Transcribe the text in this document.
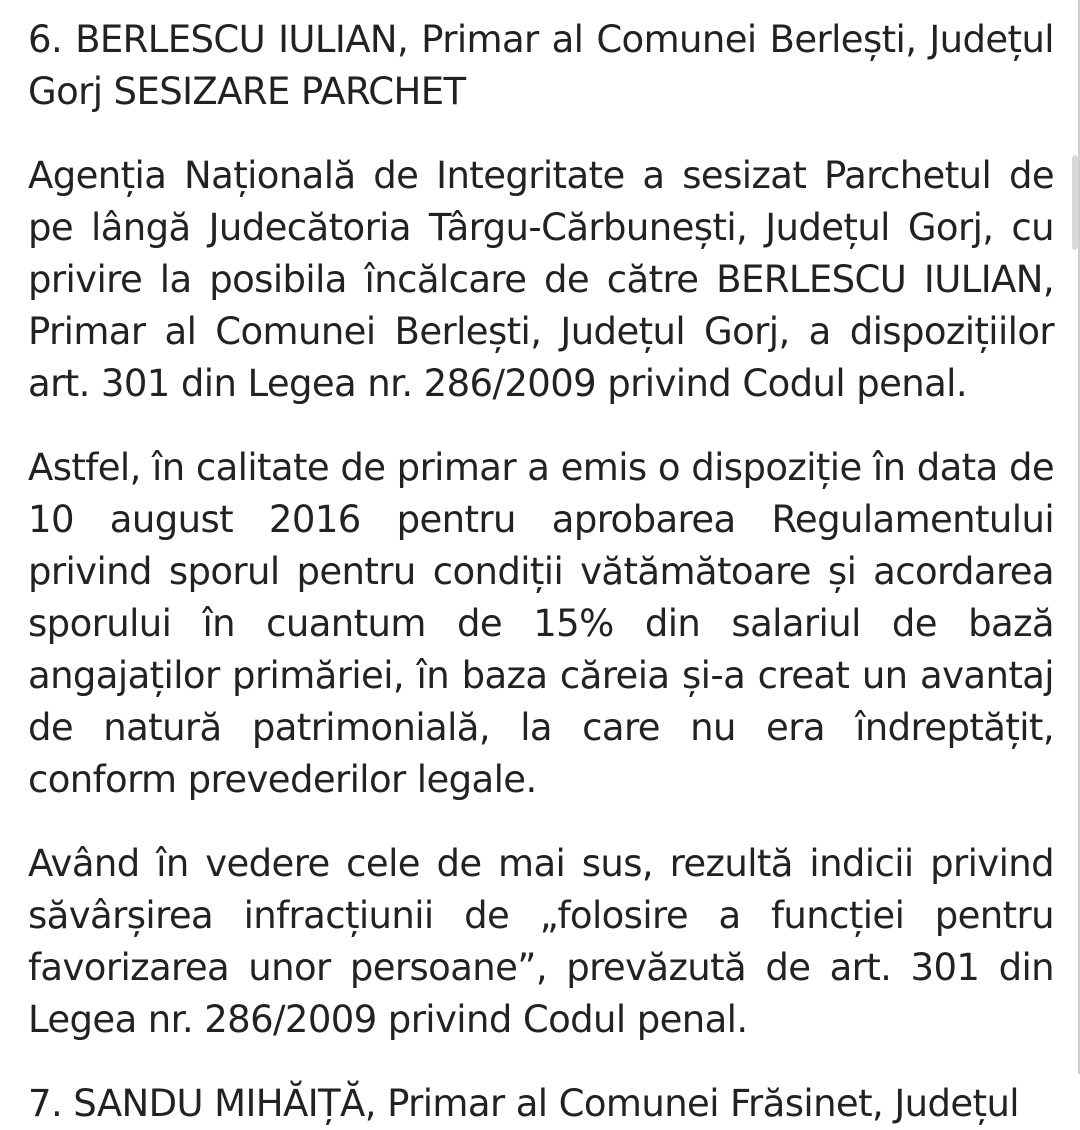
6. BERLESCU IULIAN, Primar al Comunei Berlești, Județul Gorj SESIZARE PARCHET

Agenția Națională de Integritate a sesizat Parchetul de pe lângă Judecătoria Târgu-Cărbunești, Județul Gorj, cu privire la posibila încălcare de către BERLESCU IULIAN, Primar al Comunei Berlești, Județul Gorj, a dispozițiilor art. 301 din Legea nr. 286/2009 privind Codul penal.

Astfel, în calitate de primar a emis o dispoziție în data de 10 august 2016 pentru aprobarea Regulamentului privind sporul pentru condiții vătămătoare și acordarea sporului în cuantum de 15% din salariul de bază angajaților primăriei, în baza căreia și-a creat un avantaj de natură patrimonială, la care nu era îndreptățit, conform prevederilor legale.

Având în vedere cele de mai sus, rezultă indicii privind săvârșirea infracțiunii de „folosire a funcției pentru favorizarea unor persoane”, prevăzută de art. 301 din Legea nr. 286/2009 privind Codul penal.

7. SANDU MIHĂIȚĂ, Primar al Comunei Frăsinet, Județul
